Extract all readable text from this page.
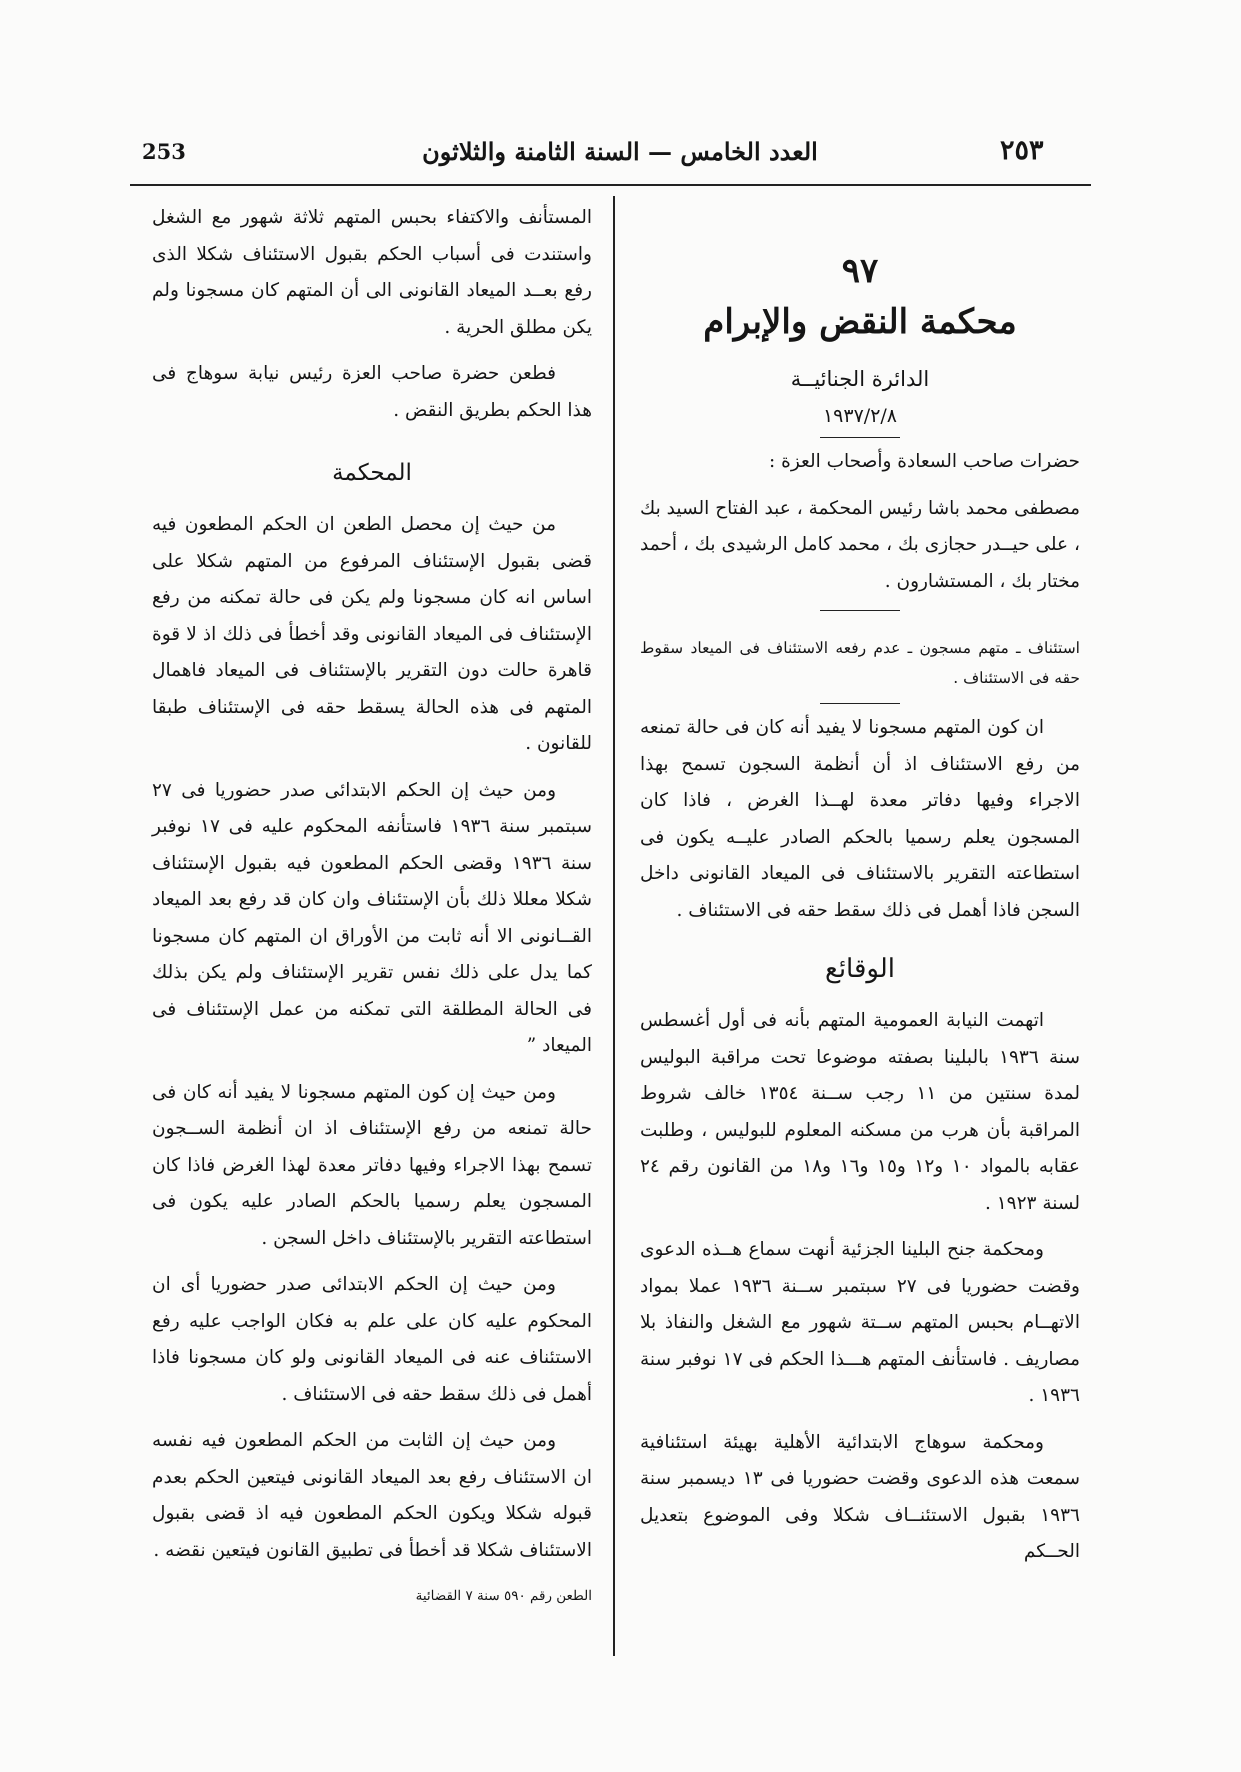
253	العدد الخامس — السنة الثامنة والثلاثون	٢٥٣
٩٧
محكمة النقض والإبرام
الدائرة الجنائيــة
١٩٣٧/٢/٨

حضرات صاحب السعادة وأصحاب العزة :

مصطفى محمد باشا رئيس المحكمة ، عبد الفتاح السيد بك ، على حيــدر حجازى بك ، محمد كامل الرشيدى بك ، أحمد مختار بك ، المستشارون .

استئناف ـ متهم مسجون ـ عدم رفعه الاستئناف فى الميعاد سقوط حقه فى الاستئناف .

ان كون المتهم مسجونا لا يفيد أنه كان فى حالة تمنعه من رفع الاستئناف اذ أن أنظمة السجون تسمح بهذا الاجراء وفيها دفاتر معدة لهــذا الغرض ، فاذا كان المسجون يعلم رسميا بالحكم الصادر عليــه يكون فى استطاعته التقرير بالاستئناف فى الميعاد القانونى داخل السجن فاذا أهمل فى ذلك سقط حقه فى الاستئناف .

الوقائع

اتهمت النيابة العمومية المتهم بأنه فى أول أغسطس سنة ١٩٣٦ بالبلينا بصفته موضوعا تحت مراقبة البوليس لمدة سنتين من ١١ رجب ســنة ١٣٥٤ خالف شروط المراقبة بأن هرب من مسكنه المعلوم للبوليس ، وطلبت عقابه بالمواد ١٠ و١٢ و١٥ و١٦ و١٨ من القانون رقم ٢٤ لسنة ١٩٢٣ .

ومحكمة جنح البلينا الجزئية أنهت سماع هــذه الدعوى وقضت حضوريا فى ٢٧ سبتمبر ســنة ١٩٣٦ عملا بمواد الاتهــام بحبس المتهم ســتة شهور مع الشغل والنفاذ بلا مصاريف . فاستأنف المتهم هـــذا الحكم فى ١٧ نوفبر سنة ١٩٣٦ .

ومحكمة سوهاج الابتدائية الأهلية بهيئة استئنافية سمعت هذه الدعوى وقضت حضوريا فى ١٣ ديسمبر سنة ١٩٣٦ بقبول الاستئنــاف شكلا وفى الموضوع بتعديل الحــكم

المستأنف والاكتفاء بحبس المتهم ثلاثة شهور مع الشغل واستندت فى أسباب الحكم بقبول الاستئناف شكلا الذى رفع بعــد الميعاد القانونى الى أن المتهم كان مسجونا ولم يكن مطلق الحرية .

فطعن حضرة صاحب العزة رئيس نيابة سوهاج فى هذا الحكم بطريق النقض .

المحكمة

من حيث إن محصل الطعن ان الحكم المطعون فيه قضى بقبول الإستئناف المرفوع من المتهم شكلا على اساس انه كان مسجونا ولم يكن فى حالة تمكنه من رفع الإستئناف فى الميعاد القانونى وقد أخطأ فى ذلك اذ لا قوة قاهرة حالت دون التقرير بالإستئناف فى الميعاد فاهمال المتهم فى هذه الحالة يسقط حقه فى الإستئناف طبقا للقانون .

ومن حيث إن الحكم الابتدائى صدر حضوريا فى ٢٧ سبتمبر سنة ١٩٣٦ فاستأنفه المحكوم عليه فى ١٧ نوفبر سنة ١٩٣٦ وقضى الحكم المطعون فيه بقبول الإستئناف شكلا معللا ذلك بأن الإستئناف وان كان قد رفع بعد الميعاد القــانونى الا أنه ثابت من الأوراق ان المتهم كان مسجونا كما يدل على ذلك نفس تقرير الإستئناف ولم يكن بذلك فى الحالة المطلقة التى تمكنه من عمل الإستئناف فى الميعاد ”

ومن حيث إن كون المتهم مسجونا لا يفيد أنه كان فى حالة تمنعه من رفع الإستئناف اذ ان أنظمة الســجون تسمح بهذا الاجراء وفيها دفاتر معدة لهذا الغرض فاذا كان المسجون يعلم رسميا بالحكم الصادر عليه يكون فى استطاعته التقرير بالإستئناف داخل السجن .

ومن حيث إن الحكم الابتدائى صدر حضوريا أى ان المحكوم عليه كان على علم به فكان الواجب عليه رفع الاستئناف عنه فى الميعاد القانونى ولو كان مسجونا فاذا أهمل فى ذلك سقط حقه فى الاستئناف .

ومن حيث إن الثابت من الحكم المطعون فيه نفسه ان الاستئناف رفع بعد الميعاد القانونى فيتعين الحكم بعدم قبوله شكلا ويكون الحكم المطعون فيه اذ قضى بقبول الاستئناف شكلا قد أخطأ فى تطبيق القانون فيتعين نقضه .

الطعن رقم ٥٩٠ سنة ٧ القضائية
